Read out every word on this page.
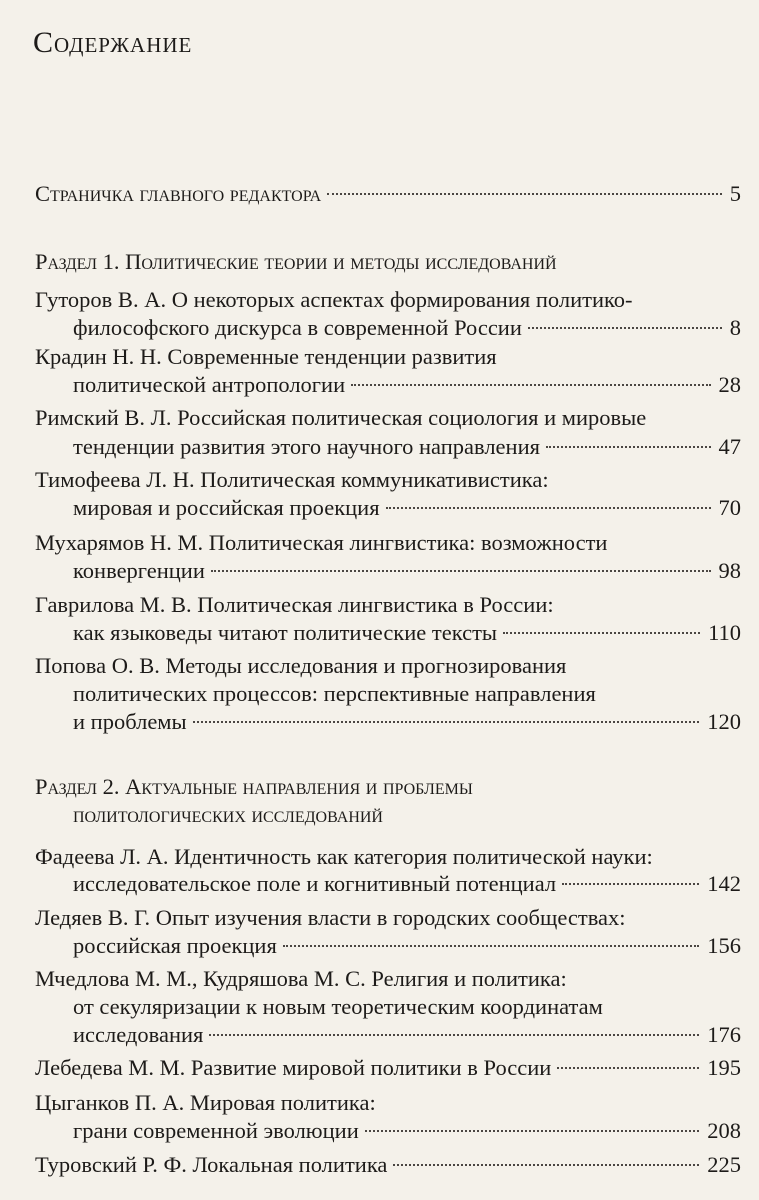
Содержание
Страничка главного редактора	5
Раздел 1. Политические теории и методы исследований
Гуторов В. А. О некоторых аспектах формирования политико-
философского дискурса в современной России	8
Крадин Н. Н. Современные тенденции развития
политической антропологии	28
Римский В. Л. Российская политическая социология и мировые
тенденции развития этого научного направления	47
Тимофеева Л. Н. Политическая коммуникативистика:
мировая и российская проекция	70
Мухарямов Н. М. Политическая лингвистика: возможности
конвергенции	98
Гаврилова М. В. Политическая лингвистика в России:
как языковеды читают политические тексты	110
Попова О. В. Методы исследования и прогнозирования
политических процессов: перспективные направления
и проблемы	120
Раздел 2. Актуальные направления и проблемы
политологических исследований
Фадеева Л. А. Идентичность как категория политической науки:
исследовательское поле и когнитивный потенциал	142
Ледяев В. Г. Опыт изучения власти в городских сообществах:
российская проекция	156
Мчедлова М. М., Кудряшова М. С. Религия и политика:
от секуляризации к новым теоретическим координатам
исследования	176
Лебедева М. М. Развитие мировой политики в России	195
Цыганков П. А. Мировая политика:
грани современной эволюции	208
Туровский Р. Ф. Локальная политика	225
